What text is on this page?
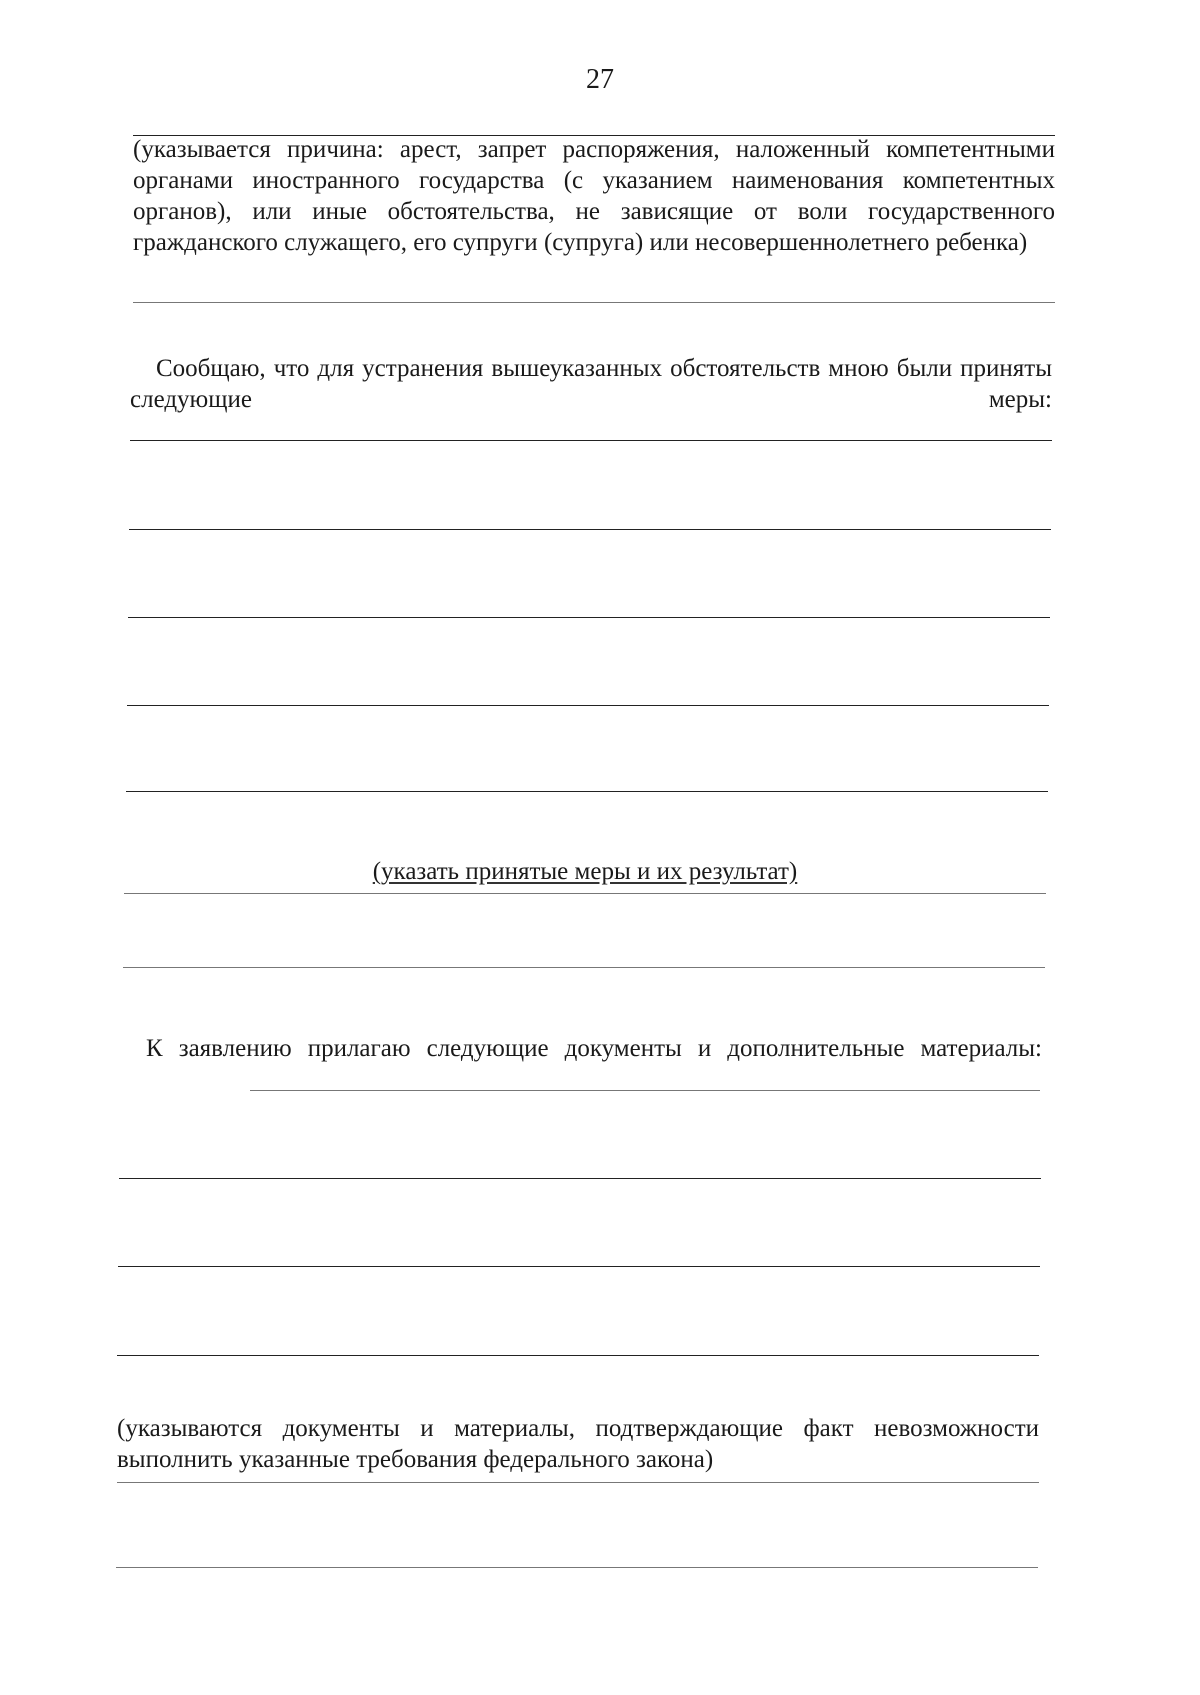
27
(указывается причина: арест, запрет распоряжения, наложенный компетентными органами иностранного государства (с указанием наименования компетентных органов), или иные обстоятельства, не зависящие от воли государственного гражданского служащего, его супруги (супруга) или несовершеннолетнего ребенка)
Сообщаю, что для устранения вышеуказанных обстоятельств мною были приняты следующие меры:
(указать принятые меры и их результат)
К заявлению прилагаю следующие документы и дополнительные материалы:
(указываются документы и материалы, подтверждающие факт невозможности выполнить указанные требования федерального закона)
